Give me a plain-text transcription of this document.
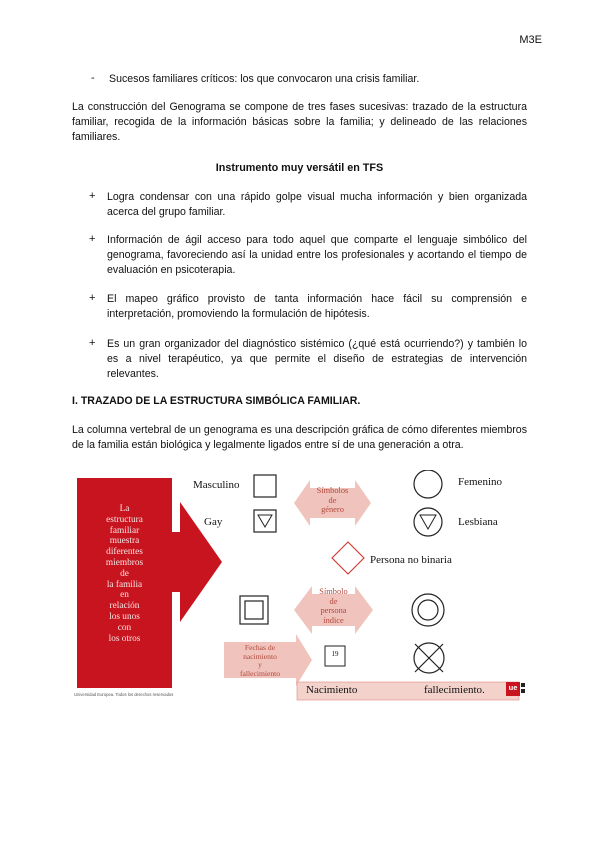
M3E
- Sucesos familiares críticos: los que convocaron una crisis familiar.
La construcción del Genograma se compone de tres fases sucesivas: trazado de la estructura familiar, recogida de la información básicas sobre la familia; y delineado de las relaciones familiares.
Instrumento muy versátil en TFS
+	Logra condensar con una rápido golpe visual mucha información y bien organizada acerca del grupo familiar.
+	Información de ágil acceso para todo aquel que comparte el lenguaje simbólico del genograma, favoreciendo así la unidad entre los profesionales y acortando el tiempo de evaluación en psicoterapia.
+	El mapeo gráfico provisto de tanta información hace fácil su comprensión e interpretación, promoviendo la formulación de hipótesis.
+	Es un gran organizador del diagnóstico sistémico (¿qué está ocurriendo?) y también lo es a nivel terapéutico, ya que permite el diseño de estrategias de intervención relevantes.
I. TRAZADO DE LA ESTRUCTURA SIMBÓLICA FAMILIAR.
La columna vertebral de un genograma es una descripción gráfica de cómo diferentes miembros de la familia están biológica y legalmente ligados entre sí de una generación a otra.
La
estructura
familiar
muestra
diferentes
miembros
de
la familia
en
relación
los unos
con
los otros
Masculino
Gay
Símbolos
de
género
Femenino
Lesbiana
Persona no binaria
Símbolo
de
persona
índice
Fechas de
nacimiento
y
fallecimiento
19
Nacimiento	fallecimiento.	ue
Universidad Europea. Todos los derechos reservados
